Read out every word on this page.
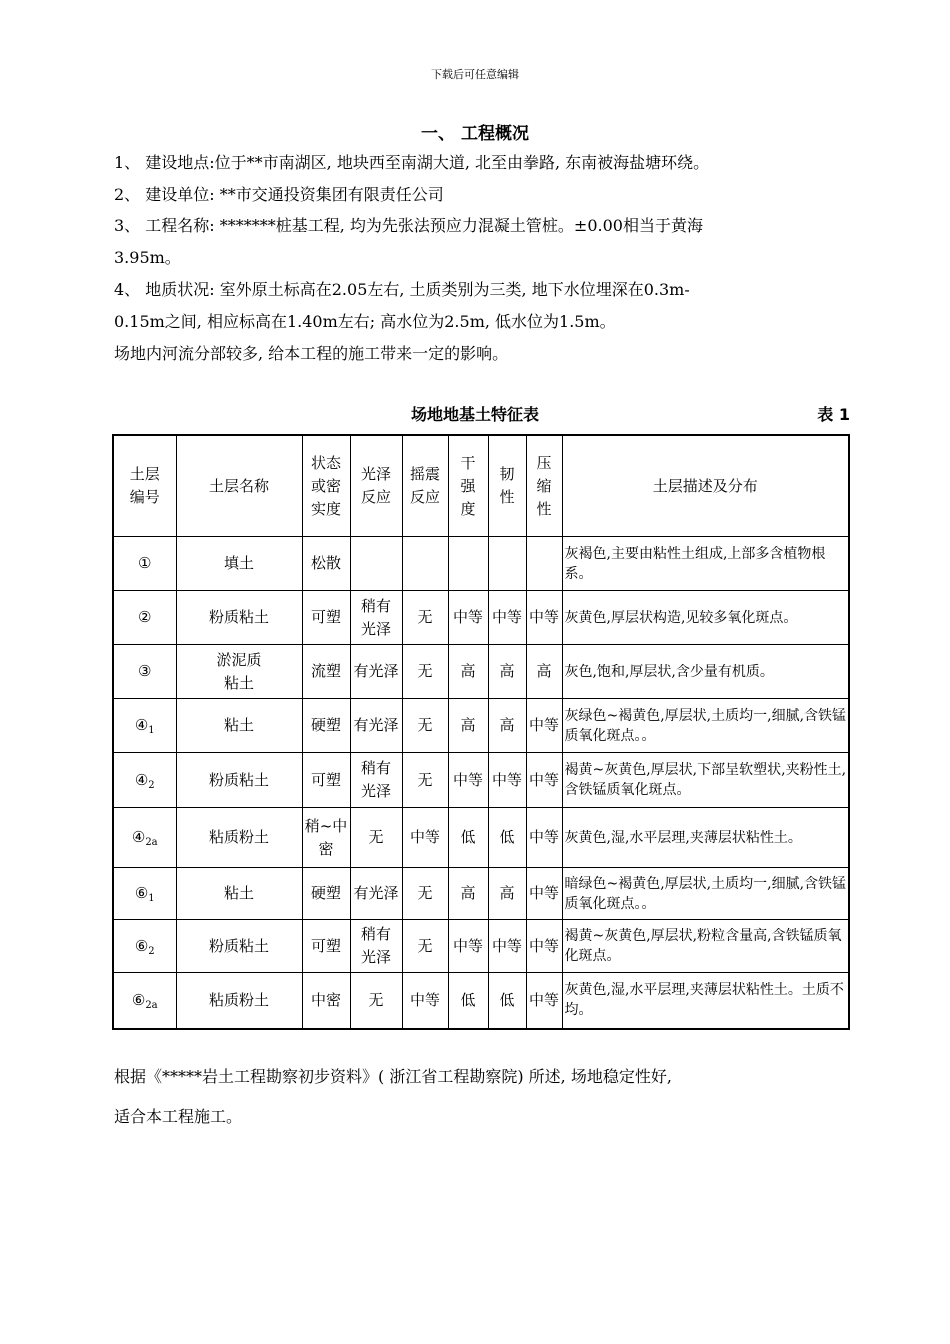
下载后可任意编辑
一、 工程概况
1、 建设地点:位于**市南湖区, 地块西至南湖大道, 北至由拳路, 东南被海盐塘环绕。
2、 建设单位: **市交通投资集团有限责任公司
3、 工程名称: *******桩基工程, 均为先张法预应力混凝土管桩。±0.00相当于黄海
3.95m。
4、 地质状况: 室外原土标高在2.05左右, 土质类别为三类, 地下水位埋深在0.3m-
0.15m之间, 相应标高在1.40m左右; 高水位为2.5m, 低水位为1.5m。
场地内河流分部较多, 给本工程的施工带来一定的影响。
场地地基土特征表	表 1
土层
编号	土层名称	状态
或密
实度	光泽
反应	摇震
反应	干
强
度	韧
性	压
缩
性	土层描述及分布
①	填土	松散						灰褐色,主要由粘性土组成,上部多含植物根系。
②	粉质粘土	可塑	稍有
光泽	无	中等	中等	中等	灰黄色,厚层状构造,见较多氧化斑点。
③	淤泥质
粘土	流塑	有光泽	无	高	高	高	灰色,饱和,厚层状,含少量有机质。
$④_1$	粘土	硬塑	有光泽	无	高	高	中等	灰绿色~褐黄色,厚层状,土质均一,细腻,含铁锰质氧化斑点。。
$④_2$	粉质粘土	可塑	稍有
光泽	无	中等	中等	中等	褐黄~灰黄色,厚层状,下部呈软塑状,夹粉性土,含铁锰质氧化斑点。
$④_{2a}$	粘质粉土	稍~中
密	无	中等	低	低	中等	灰黄色,湿,水平层理,夹薄层状粘性土。
$⑥_1$	粘土	硬塑	有光泽	无	高	高	中等	暗绿色~褐黄色,厚层状,土质均一,细腻,含铁锰质氧化斑点。。
$⑥_2$	粉质粘土	可塑	稍有
光泽	无	中等	中等	中等	褐黄~灰黄色,厚层状,粉粒含量高,含铁锰质氧化斑点。
$⑥_{2a}$	粘质粉土	中密	无	中等	低	低	中等	灰黄色,湿,水平层理,夹薄层状粘性土。土质不均。
根据《*****岩土工程勘察初步资料》( 浙江省工程勘察院) 所述, 场地稳定性好,
适合本工程施工。
